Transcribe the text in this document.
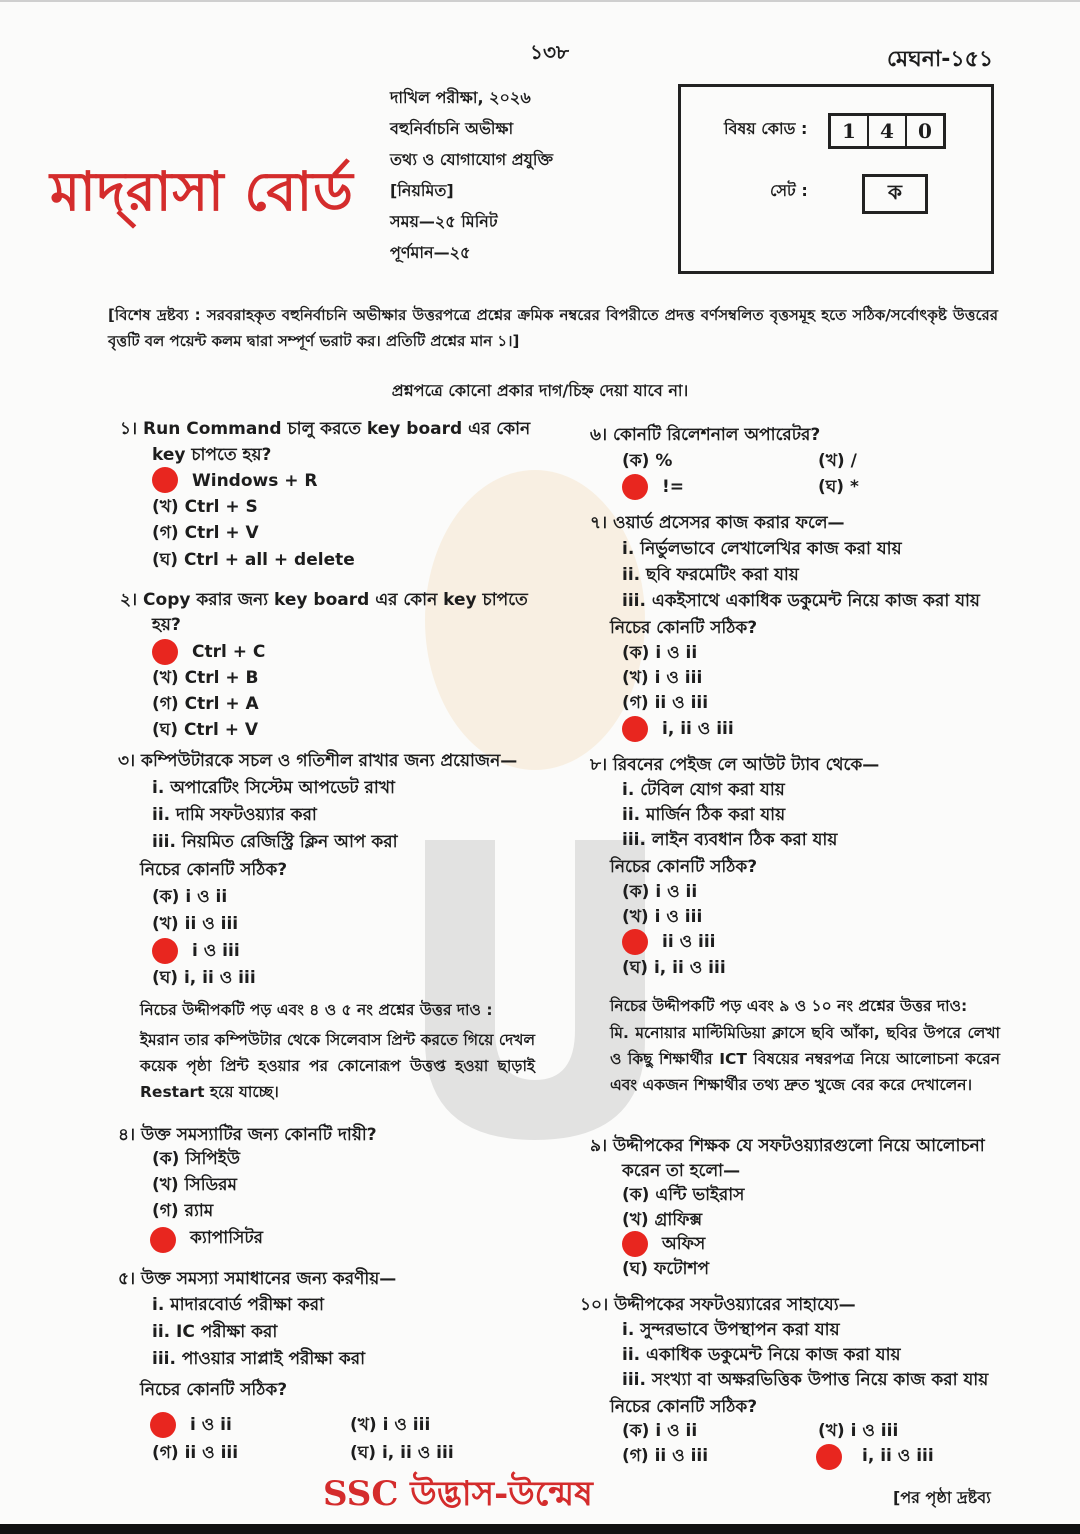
১৩৮	মেঘনা-১৫১
মাদ্‌রাসা বোর্ড
দাখিল পরীক্ষা, ২০২৬
বহুনির্বাচনি অভীক্ষা
তথ্য ও যোগাযোগ প্রযুক্তি
[নিয়মিত]
সময়—২৫ মিনিট
পূর্ণমান—২৫
বিষয় কোড :	1	4	0
সেট :	ক
[বিশেষ দ্রষ্টব্য : সরবরাহকৃত বহুনির্বাচনি অভীক্ষার উত্তরপত্রে প্রশ্নের ক্রমিক নম্বরের বিপরীতে প্রদত্ত বর্ণসম্বলিত বৃত্তসমূহ হতে সঠিক/সর্বোৎকৃষ্ট উত্তরের বৃত্তটি বল পয়েন্ট কলম দ্বারা সম্পূর্ণ ভরাট কর। প্রতিটি প্রশ্নের মান ১।]
প্রশ্নপত্রে কোনো প্রকার দাগ/চিহ্ন দেয়া যাবে না।
১। Run Command চালু করতে key board এর কোন
key চাপতে হয়?
Windows + R
(খ) Ctrl + S
(গ) Ctrl + V
(ঘ) Ctrl + all + delete
২। Copy করার জন্য key board এর কোন key চাপতে
হয়?
Ctrl + C
(খ) Ctrl + B
(গ) Ctrl + A
(ঘ) Ctrl + V
৩। কম্পিউটারকে সচল ও গতিশীল রাখার জন্য প্রয়োজন—
i. অপারেটিং সিস্টেম আপডেট রাখা
ii. দামি সফটওয়্যার করা
iii. নিয়মিত রেজিস্ট্রি ক্লিন আপ করা
নিচের কোনটি সঠিক?
(ক) i ও ii
(খ) ii ও iii
i ও iii
(ঘ) i, ii ও iii
নিচের উদ্দীপকটি পড় এবং ৪ ও ৫ নং প্রশ্নের উত্তর দাও :
ইমরান তার কম্পিউটার থেকে সিলেবাস প্রিন্ট করতে গিয়ে দেখল কয়েক পৃষ্ঠা প্রিন্ট হওয়ার পর কোনোরূপ উত্তপ্ত হওয়া ছাড়াই Restart হয়ে যাচ্ছে।
৪। উক্ত সমস্যাটির জন্য কোনটি দায়ী?
(ক) সিপিইউ
(খ) সিডিরম
(গ) র‍্যাম
ক্যাপাসিটর
৫। উক্ত সমস্যা সমাধানের জন্য করণীয়—
i. মাদারবোর্ড পরীক্ষা করা
ii. IC পরীক্ষা করা
iii. পাওয়ার সাপ্লাই পরীক্ষা করা
নিচের কোনটি সঠিক?
i ও ii	(খ) i ও iii
(গ) ii ও iii	(ঘ) i, ii ও iii
৬। কোনটি রিলেশনাল অপারেটর?
(ক) %	(খ) /
!=	(ঘ) *
৭। ওয়ার্ড প্রসেসর কাজ করার ফলে—
i. নির্ভুলভাবে লেখালেখির কাজ করা যায়
ii. ছবি ফরমেটিং করা যায়
iii. একইসাথে একাধিক ডকুমেন্ট নিয়ে কাজ করা যায়
নিচের কোনটি সঠিক?
(ক) i ও ii
(খ) i ও iii
(গ) ii ও iii
i, ii ও iii
৮। রিবনের পেইজ লে আউট ট্যাব থেকে—
i. টেবিল যোগ করা যায়
ii. মার্জিন ঠিক করা যায়
iii. লাইন ব্যবধান ঠিক করা যায়
নিচের কোনটি সঠিক?
(ক) i ও ii
(খ) i ও iii
ii ও iii
(ঘ) i, ii ও iii
নিচের উদ্দীপকটি পড় এবং ৯ ও ১০ নং প্রশ্নের উত্তর দাও:
মি. মনোয়ার মাল্টিমিডিয়া ক্লাসে ছবি আঁকা, ছবির উপরে লেখা ও কিছু শিক্ষার্থীর ICT বিষয়ের নম্বরপত্র নিয়ে আলোচনা করেন এবং একজন শিক্ষার্থীর তথ্য দ্রুত খুজে বের করে দেখালেন।
৯। উদ্দীপকের শিক্ষক যে সফটওয়্যারগুলো নিয়ে আলোচনা
করেন তা হলো—
(ক) এন্টি ভাইরাস
(খ) গ্রাফিক্স
অফিস
(ঘ) ফটোশপ
১০। উদ্দীপকের সফটওয়্যারের সাহায্যে—
i. সুন্দরভাবে উপস্থাপন করা যায়
ii. একাধিক ডকুমেন্ট নিয়ে কাজ করা যায়
iii. সংখ্যা বা অক্ষরভিত্তিক উপাত্ত নিয়ে কাজ করা যায়
নিচের কোনটি সঠিক?
(ক) i ও ii	(খ) i ও iii
(গ) ii ও iii	i, ii ও iii
SSC উদ্ভাস-উন্মেষ	[পর পৃষ্ঠা দ্রষ্টব্য
